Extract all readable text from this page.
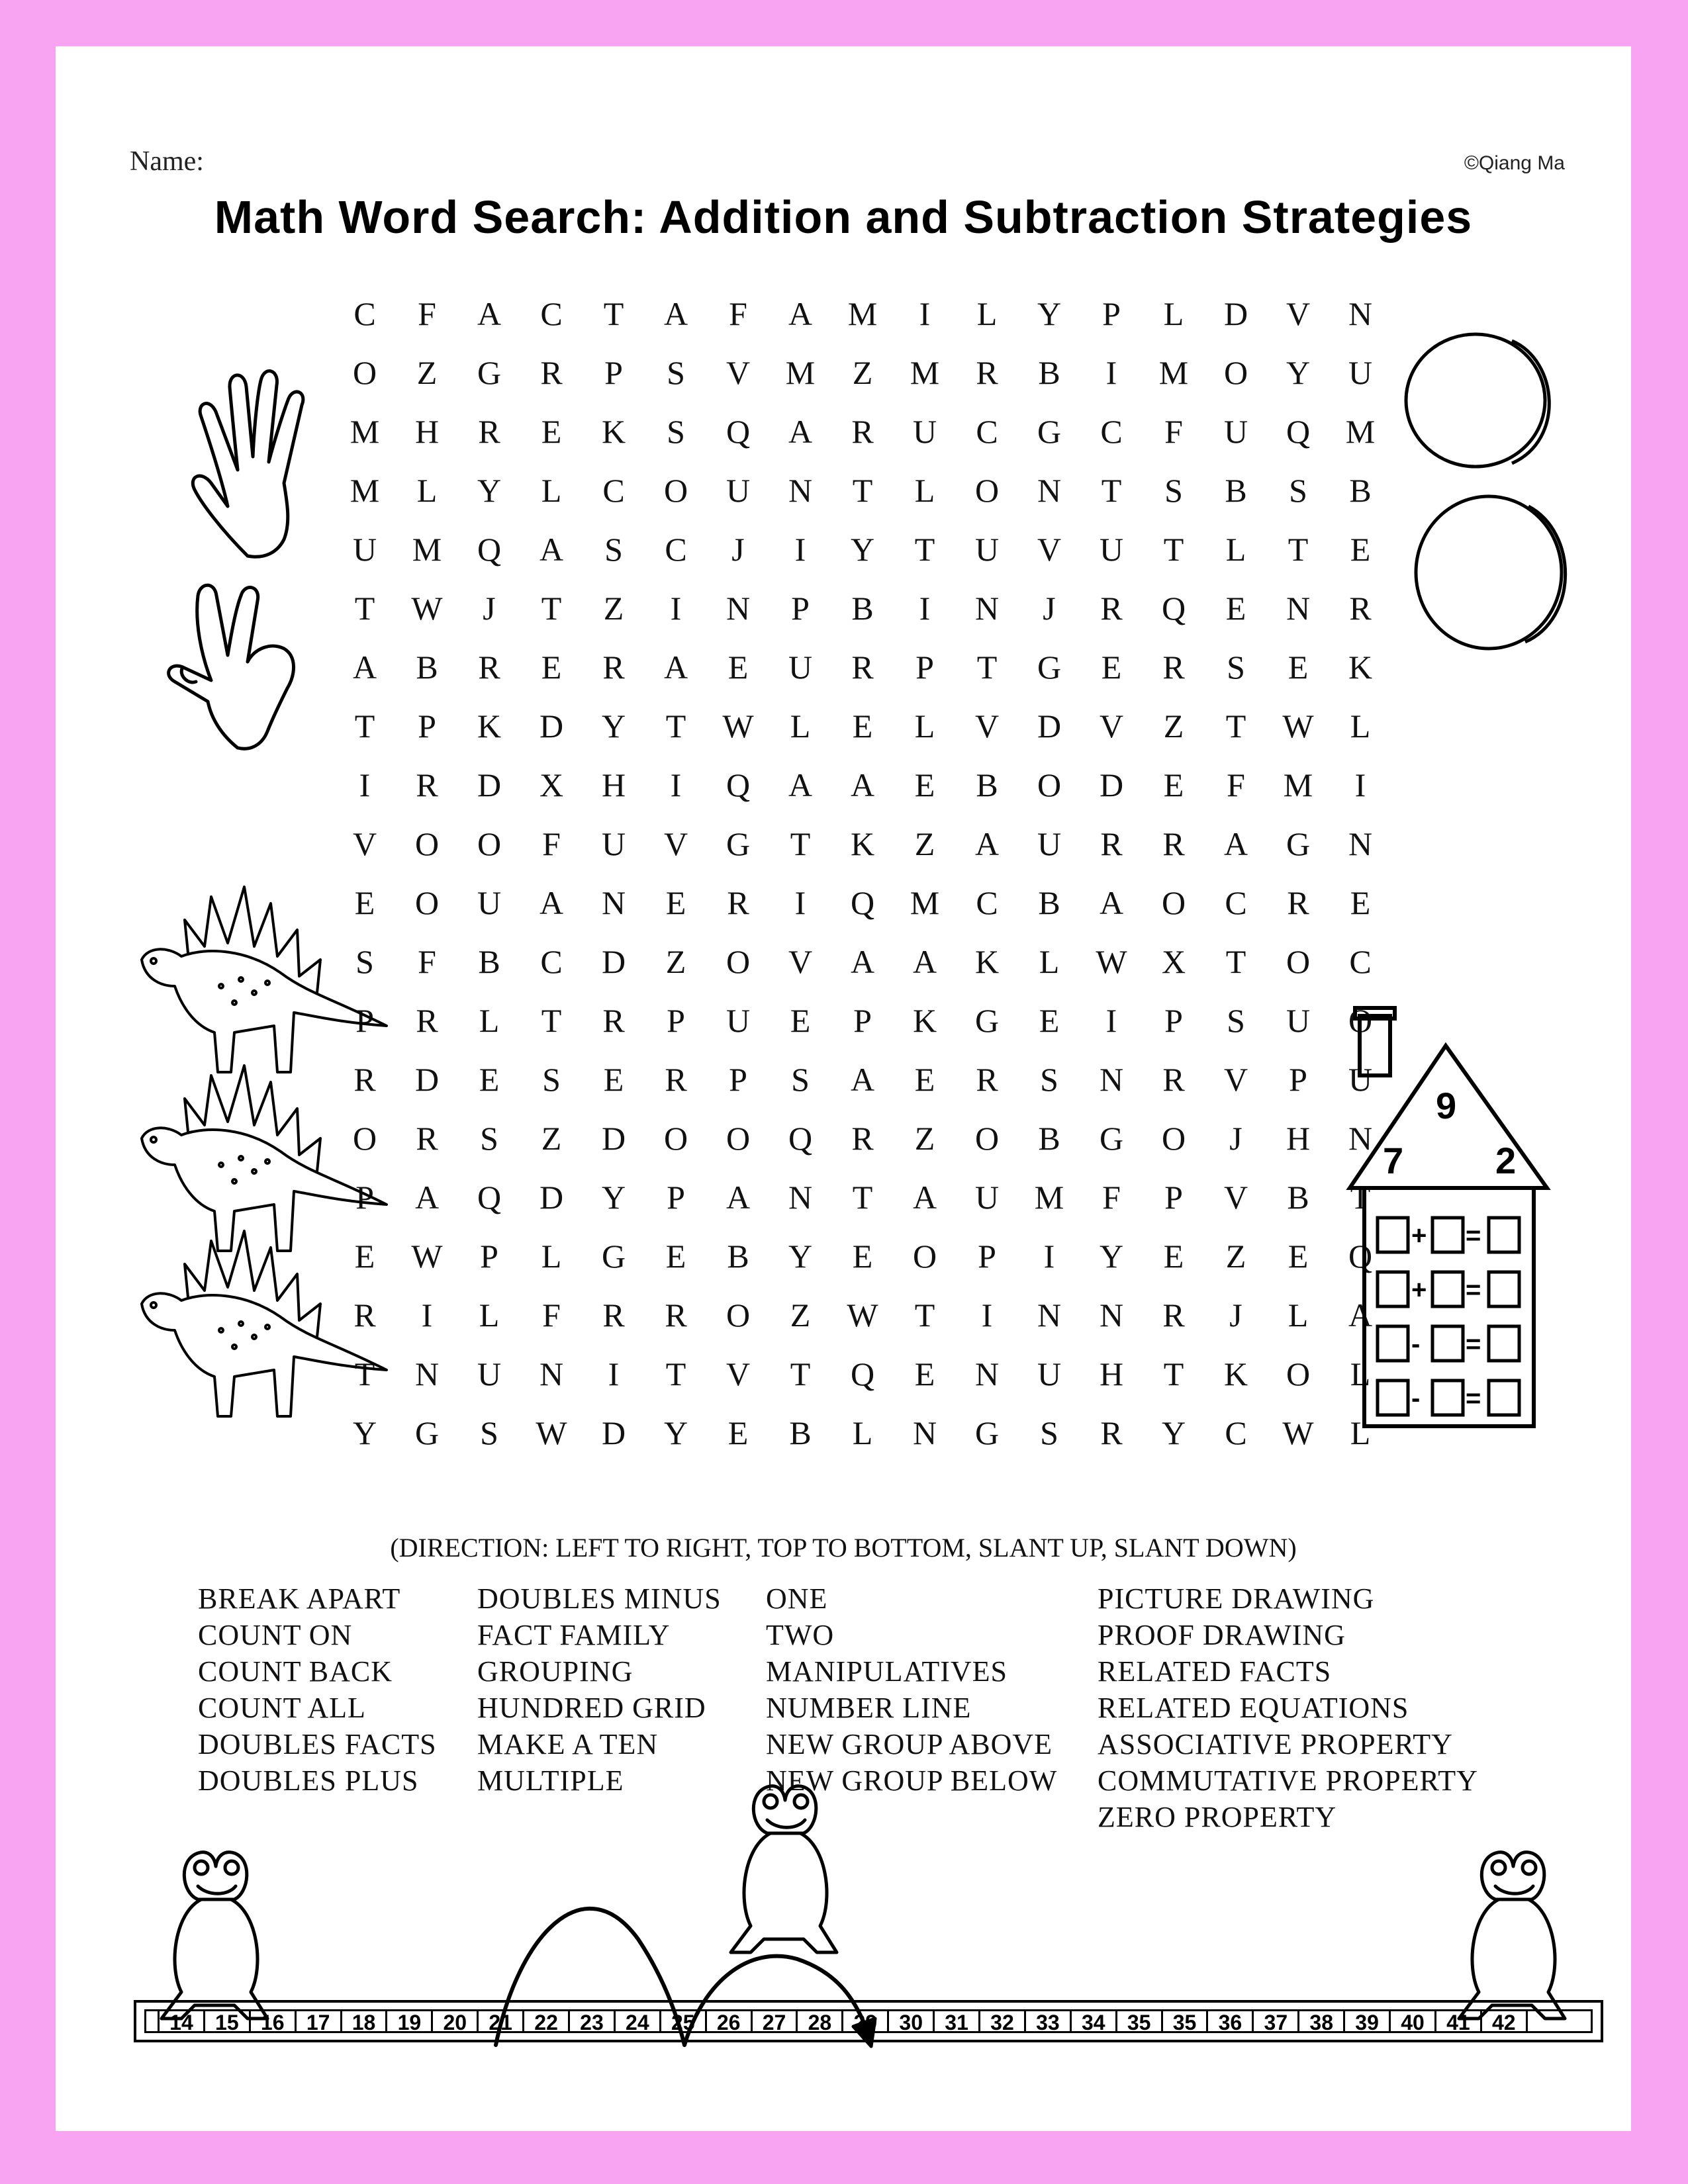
Name:	©Qiang Ma
Math Word Search: Addition and Subtraction Strategies
C	F	A	C	T	A	F	A	M	I	L	Y	P	L	D	V	N
O	Z	G	R	P	S	V	M	Z	M	R	B	I	M	O	Y	U
M	H	R	E	K	S	Q	A	R	U	C	G	C	F	U	Q	M
M	L	Y	L	C	O	U	N	T	L	O	N	T	S	B	S	B
U	M	Q	A	S	C	J	I	Y	T	U	V	U	T	L	T	E
T	W	J	T	Z	I	N	P	B	I	N	J	R	Q	E	N	R
A	B	R	E	R	A	E	U	R	P	T	G	E	R	S	E	K
T	P	K	D	Y	T	W	L	E	L	V	D	V	Z	T	W	L
I	R	D	X	H	I	Q	A	A	E	B	O	D	E	F	M	I
V	O	O	F	U	V	G	T	K	Z	A	U	R	R	A	G	N
E	O	U	A	N	E	R	I	Q	M	C	B	A	O	C	R	E
S	F	B	C	D	Z	O	V	A	A	K	L	W	X	T	O	C
P	R	L	T	R	P	U	E	P	K	G	E	I	P	S	U	O
R	D	E	S	E	R	P	S	A	E	R	S	N	R	V	P	U
O	R	S	Z	D	O	O	Q	R	Z	O	B	G	O	J	H	N
P	A	Q	D	Y	P	A	N	T	A	U	M	F	P	V	B	T
E	W	P	L	G	E	B	Y	E	O	P	I	Y	E	Z	E	Q
R	I	L	F	R	R	O	Z	W	T	I	N	N	R	J	L	A
T	N	U	N	I	T	V	T	Q	E	N	U	H	T	K	O	L
Y	G	S	W	D	Y	E	B	L	N	G	S	R	Y	C	W	L
9
7 2
+ =
+ =
- =
- =
(DIRECTION: LEFT TO RIGHT, TOP TO BOTTOM, SLANT UP, SLANT DOWN)
BREAK APART
COUNT ON
COUNT BACK
COUNT ALL
DOUBLES FACTS
DOUBLES PLUS
DOUBLES MINUS
FACT FAMILY
GROUPING
HUNDRED GRID
MAKE A TEN
MULTIPLE
ONE
TWO
MANIPULATIVES
NUMBER LINE
NEW GROUP ABOVE
NEW GROUP BELOW
PICTURE DRAWING
PROOF DRAWING
RELATED FACTS
RELATED EQUATIONS
ASSOCIATIVE PROPERTY
COMMUTATIVE PROPERTY
ZERO PROPERTY
14	15	16	17	18	19	20	21	22	23	24	25	26	27	28	29	30	31	32	33	34	35	35	36	37	38	39	40	41	42
